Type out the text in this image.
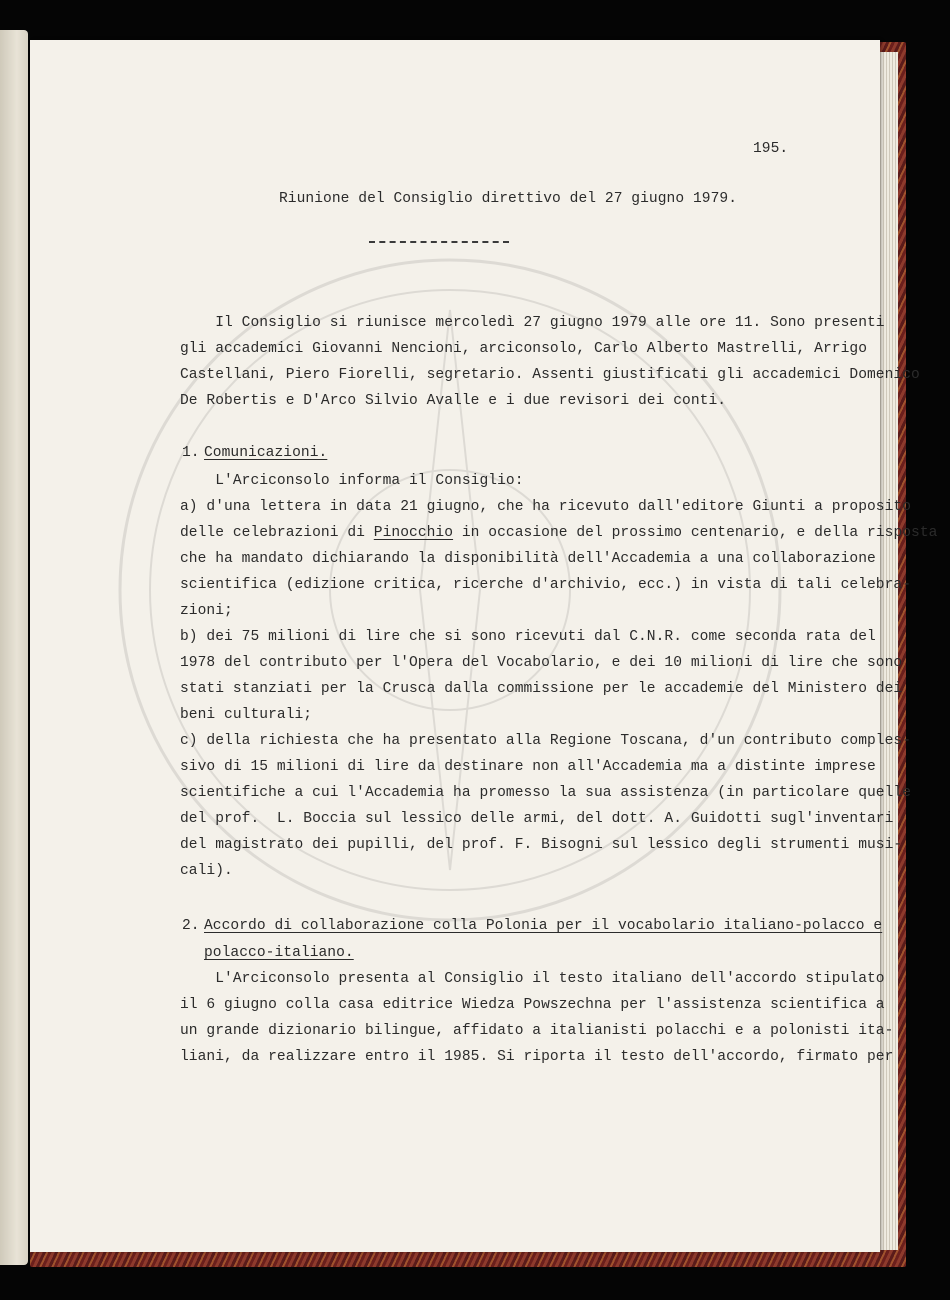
195.
Riunione del Consiglio direttivo del 27 giugno 1979.
Il Consiglio si riunisce mercoledì 27 giugno 1979 alle ore 11. Sono presenti
gli accademici Giovanni Nencioni, arciconsolo, Carlo Alberto Mastrelli, Arrigo
Castellani, Piero Fiorelli, segretario. Assenti giustificati gli accademici Domenico
De Robertis e D'Arco Silvio Avalle e i due revisori dei conti.
1. Comunicazioni.
L'Arciconsolo informa il Consiglio:
a) d'una lettera in data 21 giugno, che ha ricevuto dall'editore Giunti a proposito
delle celebrazioni di Pinocchio in occasione del prossimo centenario, e della risposta
che ha mandato dichiarando la disponibilità dell'Accademia a una collaborazione
scientifica (edizione critica, ricerche d'archivio, ecc.) in vista di tali celebra-
zioni;
b) dei 75 milioni di lire che si sono ricevuti dal C.N.R. come seconda rata del
1978 del contributo per l'Opera del Vocabolario, e dei 10 milioni di lire che sono
stati stanziati per la Crusca dalla commissione per le accademie del Ministero dei
beni culturali;
c) della richiesta che ha presentato alla Regione Toscana, d'un contributo comples-
sivo di 15 milioni di lire da destinare non all'Accademia ma a distinte imprese
scientifiche a cui l'Accademia ha promesso la sua assistenza (in particolare quelle
del prof.  L. Boccia sul lessico delle armi, del dott. A. Guidotti sugl'inventari
del magistrato dei pupilli, del prof. F. Bisogni sul lessico degli strumenti musi-
cali).
2. Accordo di collaborazione colla Polonia per il vocabolario italiano-polacco e
polacco-italiano.
L'Arciconsolo presenta al Consiglio il testo italiano dell'accordo stipulato
il 6 giugno colla casa editrice Wiedza Powszechna per l'assistenza scientifica a
un grande dizionario bilingue, affidato a italianisti polacchi e a polonisti ita-
liani, da realizzare entro il 1985. Si riporta il testo dell'accordo, firmato per
